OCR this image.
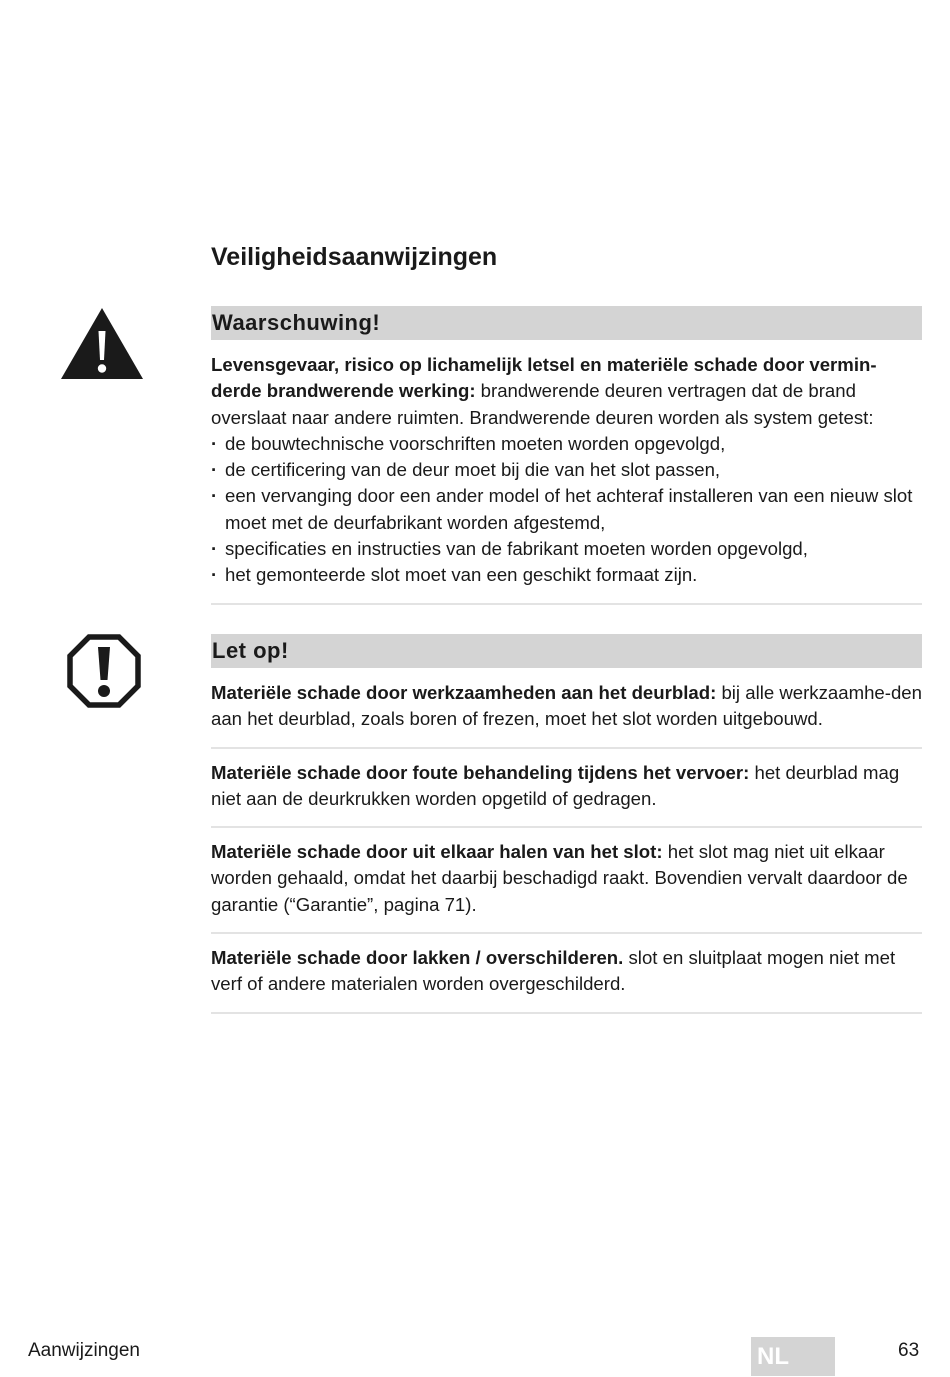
Veiligheidsaanwijzingen
Waarschuwing!
Levensgevaar, risico op lichamelijk letsel en materiële schade door vermin-derde brandwerende werking: brandwerende deuren vertragen dat de brand overslaat naar andere ruimten. Brandwerende deuren worden als system getest:
· de bouwtechnische voorschriften moeten worden opgevolgd,
· de certificering van de deur moet bij die van het slot passen,
· een vervanging door een ander model of het achteraf installeren van een nieuw slot moet met de deurfabrikant worden afgestemd,
· specificaties en instructies van de fabrikant moeten worden opgevolgd,
· het gemonteerde slot moet van een geschikt formaat zijn.
Let op!
Materiële schade door werkzaamheden aan het deurblad: bij alle werkzaamhe-den aan het deurblad, zoals boren of frezen, moet het slot worden uitgebouwd.
Materiële schade door foute behandeling tijdens het vervoer: het deurblad mag niet aan de deurkrukken worden opgetild of gedragen.
Materiële schade door uit elkaar halen van het slot: het slot mag niet uit elkaar worden gehaald, omdat het daarbij beschadigd raakt. Bovendien vervalt daardoor de garantie (“Garantie”, pagina 71).
Materiële schade door lakken / overschilderen. slot en sluitplaat mogen niet met verf of andere materialen worden overgeschilderd.
Aanwijzingen	NL	63
